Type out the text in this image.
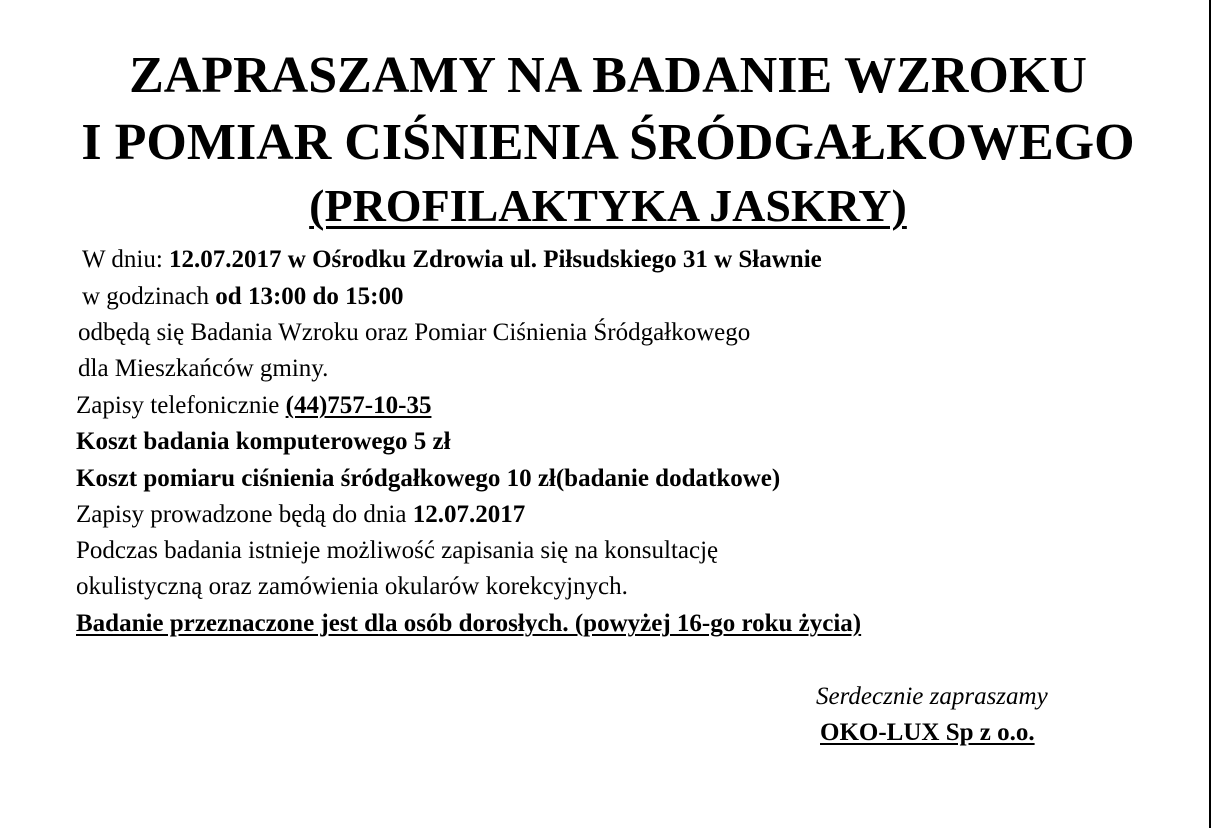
ZAPRASZAMY NA BADANIE WZROKU
I POMIAR CIŚNIENIA ŚRÓDGAŁKOWEGO
(PROFILAKTYKA JASKRY)
W dniu: 12.07.2017 w Ośrodku Zdrowia ul. Piłsudskiego 31 w Sławnie
w godzinach od 13:00 do 15:00
odbędą się Badania Wzroku oraz Pomiar Ciśnienia Śródgałkowego
dla Mieszkańców gminy.
Zapisy telefonicznie (44)757-10-35
Koszt badania komputerowego 5 zł
Koszt pomiaru ciśnienia śródgałkowego 10 zł(badanie dodatkowe)
Zapisy prowadzone będą do dnia 12.07.2017
Podczas badania istnieje możliwość zapisania się na konsultację
okulistyczną oraz zamówienia okularów korekcyjnych.
Badanie przeznaczone jest dla osób dorosłych. (powyżej 16-go roku życia)
Serdecznie zapraszamy
OKO-LUX Sp z o.o.
